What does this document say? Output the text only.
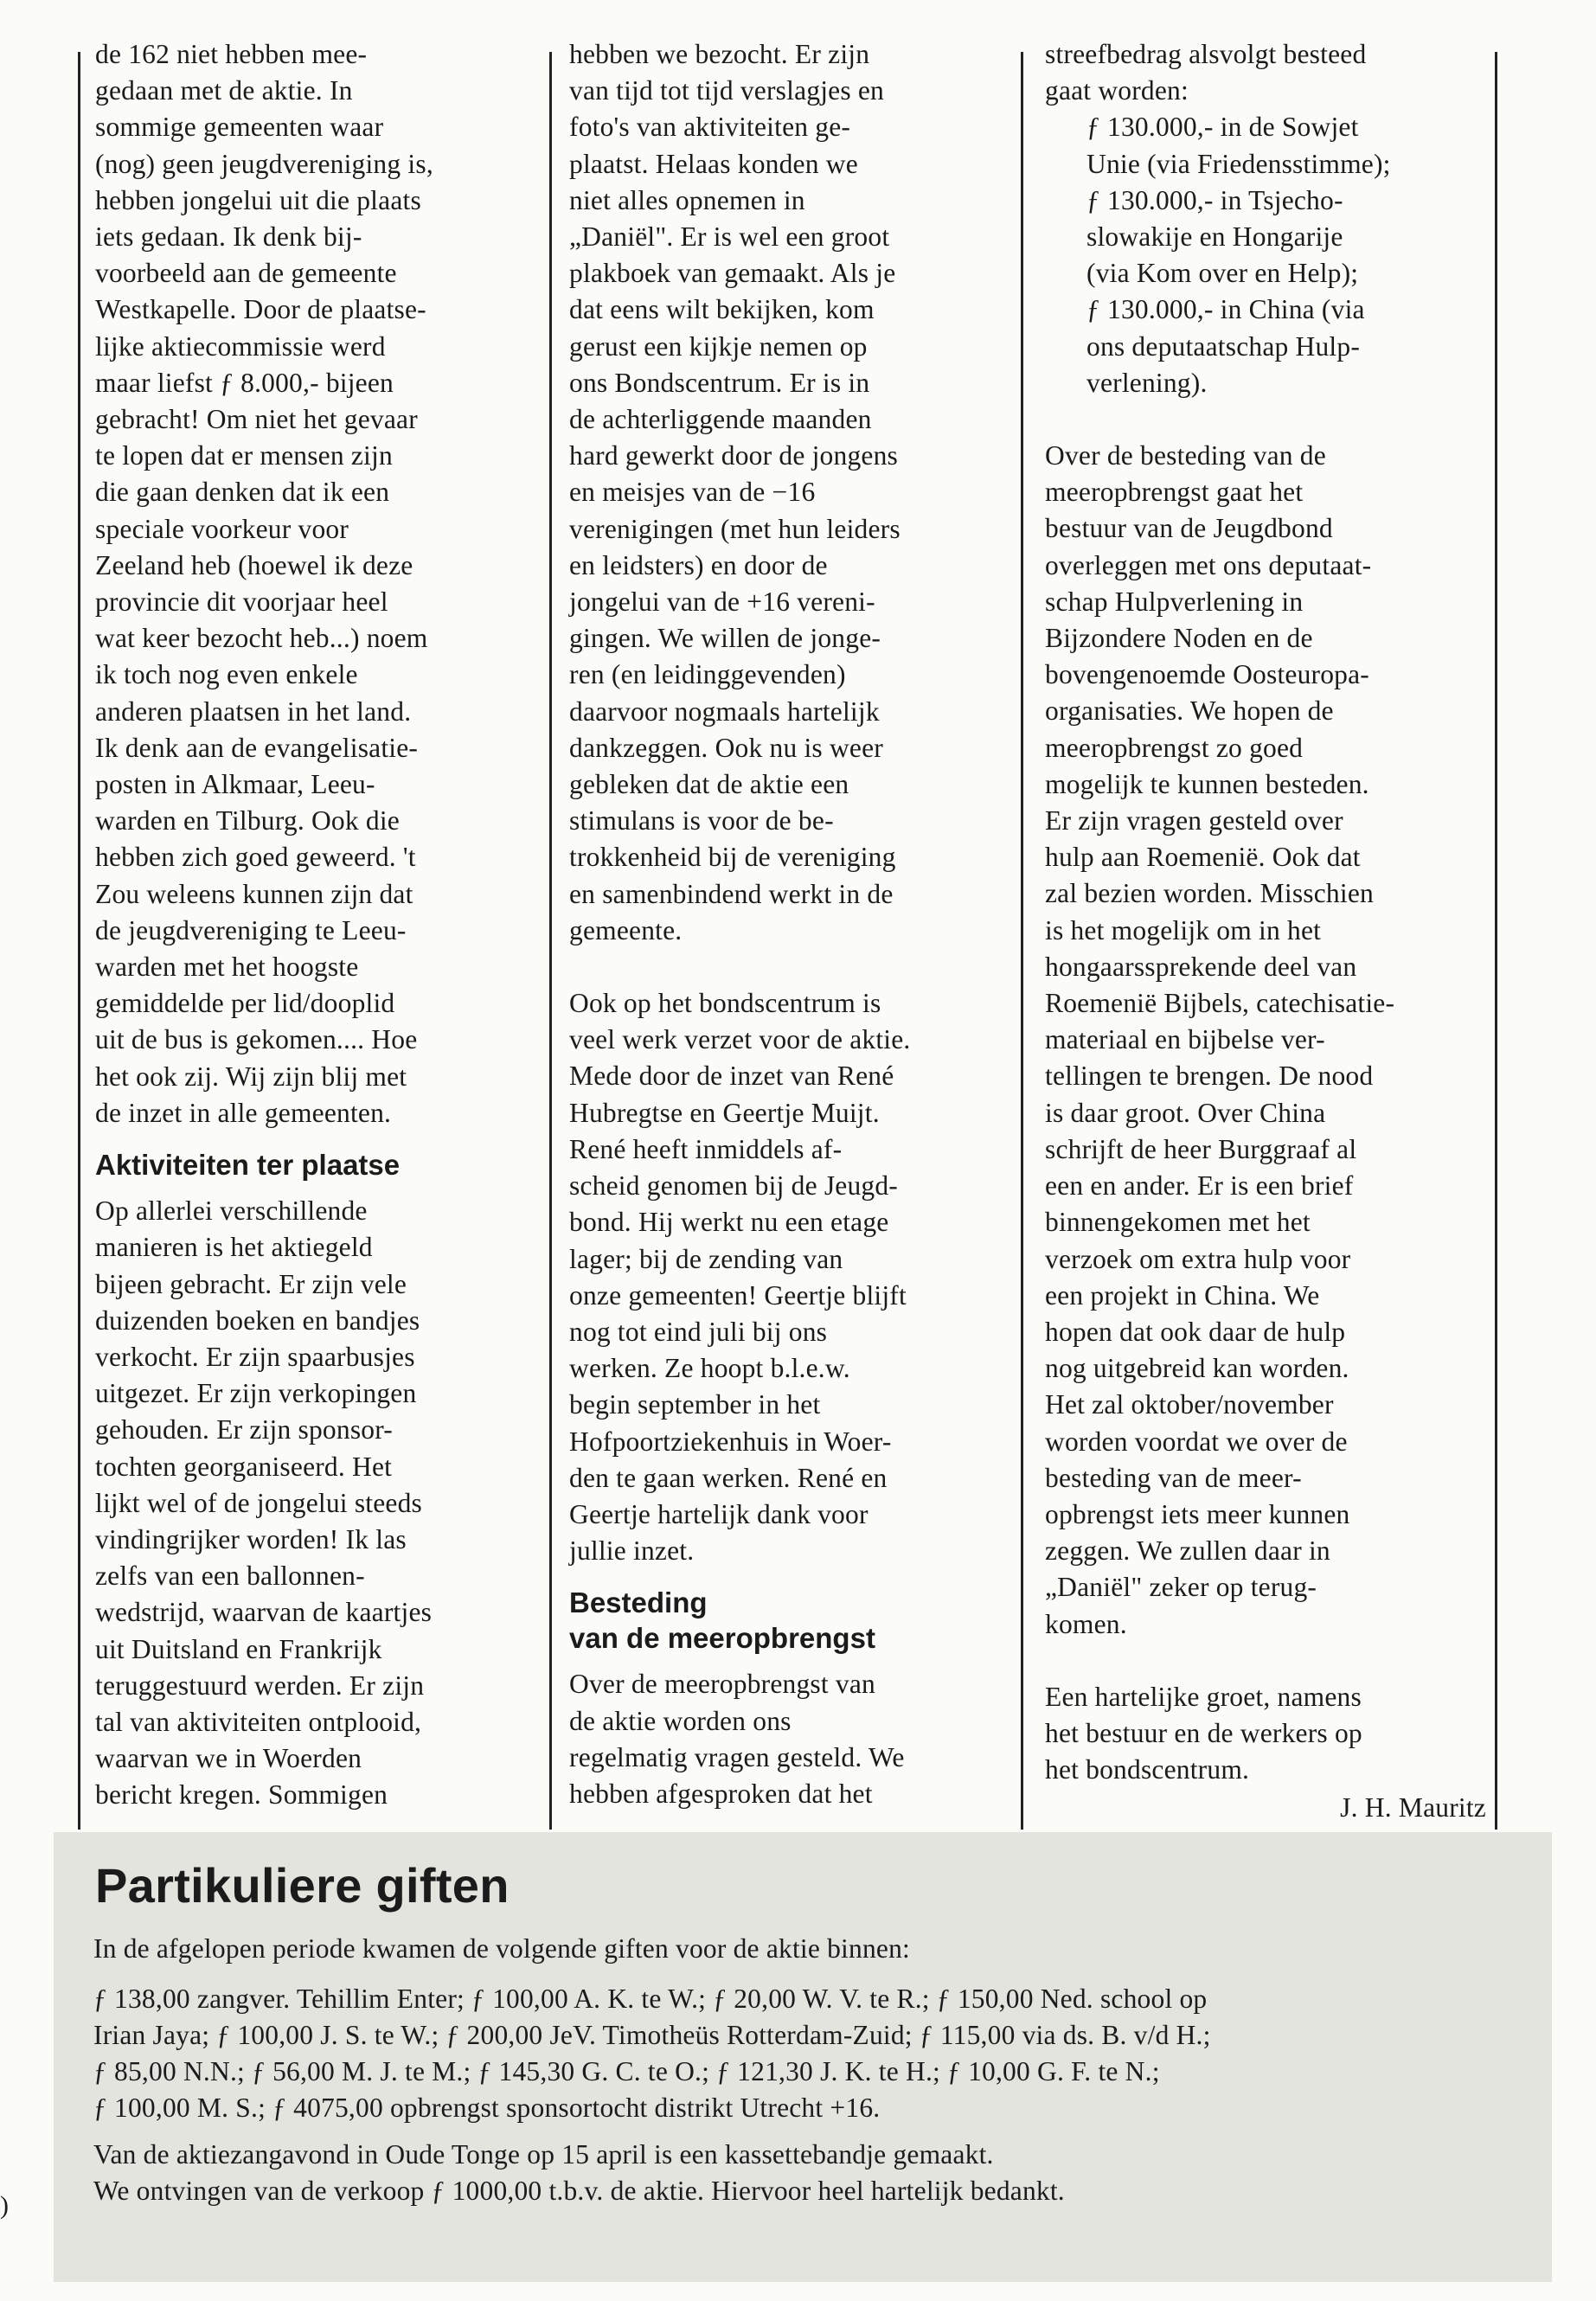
de 162 niet hebben mee-

gedaan met de aktie. In

sommige gemeenten waar

(nog) geen jeugdvereniging is,

hebben jongelui uit die plaats

iets gedaan. Ik denk bij-

voorbeeld aan de gemeente

Westkapelle. Door de plaatse-

lijke aktiecommissie werd

maar liefst ƒ 8.000,- bijeen

gebracht! Om niet het gevaar

te lopen dat er mensen zijn

die gaan denken dat ik een

speciale voorkeur voor

Zeeland heb (hoewel ik deze

provincie dit voorjaar heel

wat keer bezocht heb...) noem

ik toch nog even enkele

anderen plaatsen in het land.

Ik denk aan de evangelisatie-

posten in Alkmaar, Leeu-

warden en Tilburg. Ook die

hebben zich goed geweerd. 't

Zou weleens kunnen zijn dat

de jeugdvereniging te Leeu-

warden met het hoogste

gemiddelde per lid/dooplid

uit de bus is gekomen.... Hoe

het ook zij. Wij zijn blij met

de inzet in alle gemeenten.

Aktiviteiten ter plaatse

Op allerlei verschillende

manieren is het aktiegeld

bijeen gebracht. Er zijn vele

duizenden boeken en bandjes

verkocht. Er zijn spaarbusjes

uitgezet. Er zijn verkopingen

gehouden. Er zijn sponsor-

tochten georganiseerd. Het

lijkt wel of de jongelui steeds

vindingrijker worden! Ik las

zelfs van een ballonnen-

wedstrijd, waarvan de kaartjes

uit Duitsland en Frankrijk

teruggestuurd werden. Er zijn

tal van aktiviteiten ontplooid,

waarvan we in Woerden

bericht kregen. Sommigen

hebben we bezocht. Er zijn

van tijd tot tijd verslagjes en

foto's van aktiviteiten ge-

plaatst. Helaas konden we

niet alles opnemen in

„Daniël". Er is wel een groot

plakboek van gemaakt. Als je

dat eens wilt bekijken, kom

gerust een kijkje nemen op

ons Bondscentrum. Er is in

de achterliggende maanden

hard gewerkt door de jongens

en meisjes van de −16

verenigingen (met hun leiders

en leidsters) en door de

jongelui van de +16 vereni-

gingen. We willen de jonge-

ren (en leidinggevenden)

daarvoor nogmaals hartelijk

dankzeggen. Ook nu is weer

gebleken dat de aktie een

stimulans is voor de be-

trokkenheid bij de vereniging

en samenbindend werkt in de

gemeente.

Ook op het bondscentrum is

veel werk verzet voor de aktie.

Mede door de inzet van René

Hubregtse en Geertje Muijt.

René heeft inmiddels af-

scheid genomen bij de Jeugd-

bond. Hij werkt nu een etage

lager; bij de zending van

onze gemeenten! Geertje blijft

nog tot eind juli bij ons

werken. Ze hoopt b.l.e.w.

begin september in het

Hofpoortziekenhuis in Woer-

den te gaan werken. René en

Geertje hartelijk dank voor

jullie inzet.

Besteding
van de meeropbrengst

Over de meeropbrengst van

de aktie worden ons

regelmatig vragen gesteld. We

hebben afgesproken dat het

streefbedrag alsvolgt besteed

gaat worden:

ƒ 130.000,- in de Sowjet

Unie (via Friedensstimme);

ƒ 130.000,- in Tsjecho-

slowakije en Hongarije

(via Kom over en Help);

ƒ 130.000,- in China (via

ons deputaatschap Hulp-

verlening).

Over de besteding van de

meeropbrengst gaat het

bestuur van de Jeugdbond

overleggen met ons deputaat-

schap Hulpverlening in

Bijzondere Noden en de

bovengenoemde Oosteuropa-

organisaties. We hopen de

meeropbrengst zo goed

mogelijk te kunnen besteden.

Er zijn vragen gesteld over

hulp aan Roemenië. Ook dat

zal bezien worden. Misschien

is het mogelijk om in het

hongaarssprekende deel van

Roemenië Bijbels, catechisatie-

materiaal en bijbelse ver-

tellingen te brengen. De nood

is daar groot. Over China

schrijft de heer Burggraaf al

een en ander. Er is een brief

binnengekomen met het

verzoek om extra hulp voor

een projekt in China. We

hopen dat ook daar de hulp

nog uitgebreid kan worden.

Het zal oktober/november

worden voordat we over de

besteding van de meer-

opbrengst iets meer kunnen

zeggen. We zullen daar in

„Daniël" zeker op terug-

komen.

Een hartelijke groet, namens

het bestuur en de werkers op

het bondscentrum.

J. H. Mauritz
Partikuliere giften

In de afgelopen periode kwamen de volgende giften voor de aktie binnen:

ƒ 138,00 zangver. Tehillim Enter; ƒ 100,00 A. K. te W.; ƒ 20,00 W. V. te R.; ƒ 150,00 Ned. school op

Irian Jaya; ƒ 100,00 J. S. te W.; ƒ 200,00 JeV. Timotheüs Rotterdam-Zuid; ƒ 115,00 via ds. B. v/d H.;

ƒ 85,00 N.N.; ƒ 56,00 M. J. te M.; ƒ 145,30 G. C. te O.; ƒ 121,30 J. K. te H.; ƒ 10,00 G. F. te N.;

ƒ 100,00 M. S.; ƒ 4075,00 opbrengst sponsortocht distrikt Utrecht +16.

Van de aktiezangavond in Oude Tonge op 15 april is een kassettebandje gemaakt.

We ontvingen van de verkoop ƒ 1000,00 t.b.v. de aktie. Hiervoor heel hartelijk bedankt.

)
